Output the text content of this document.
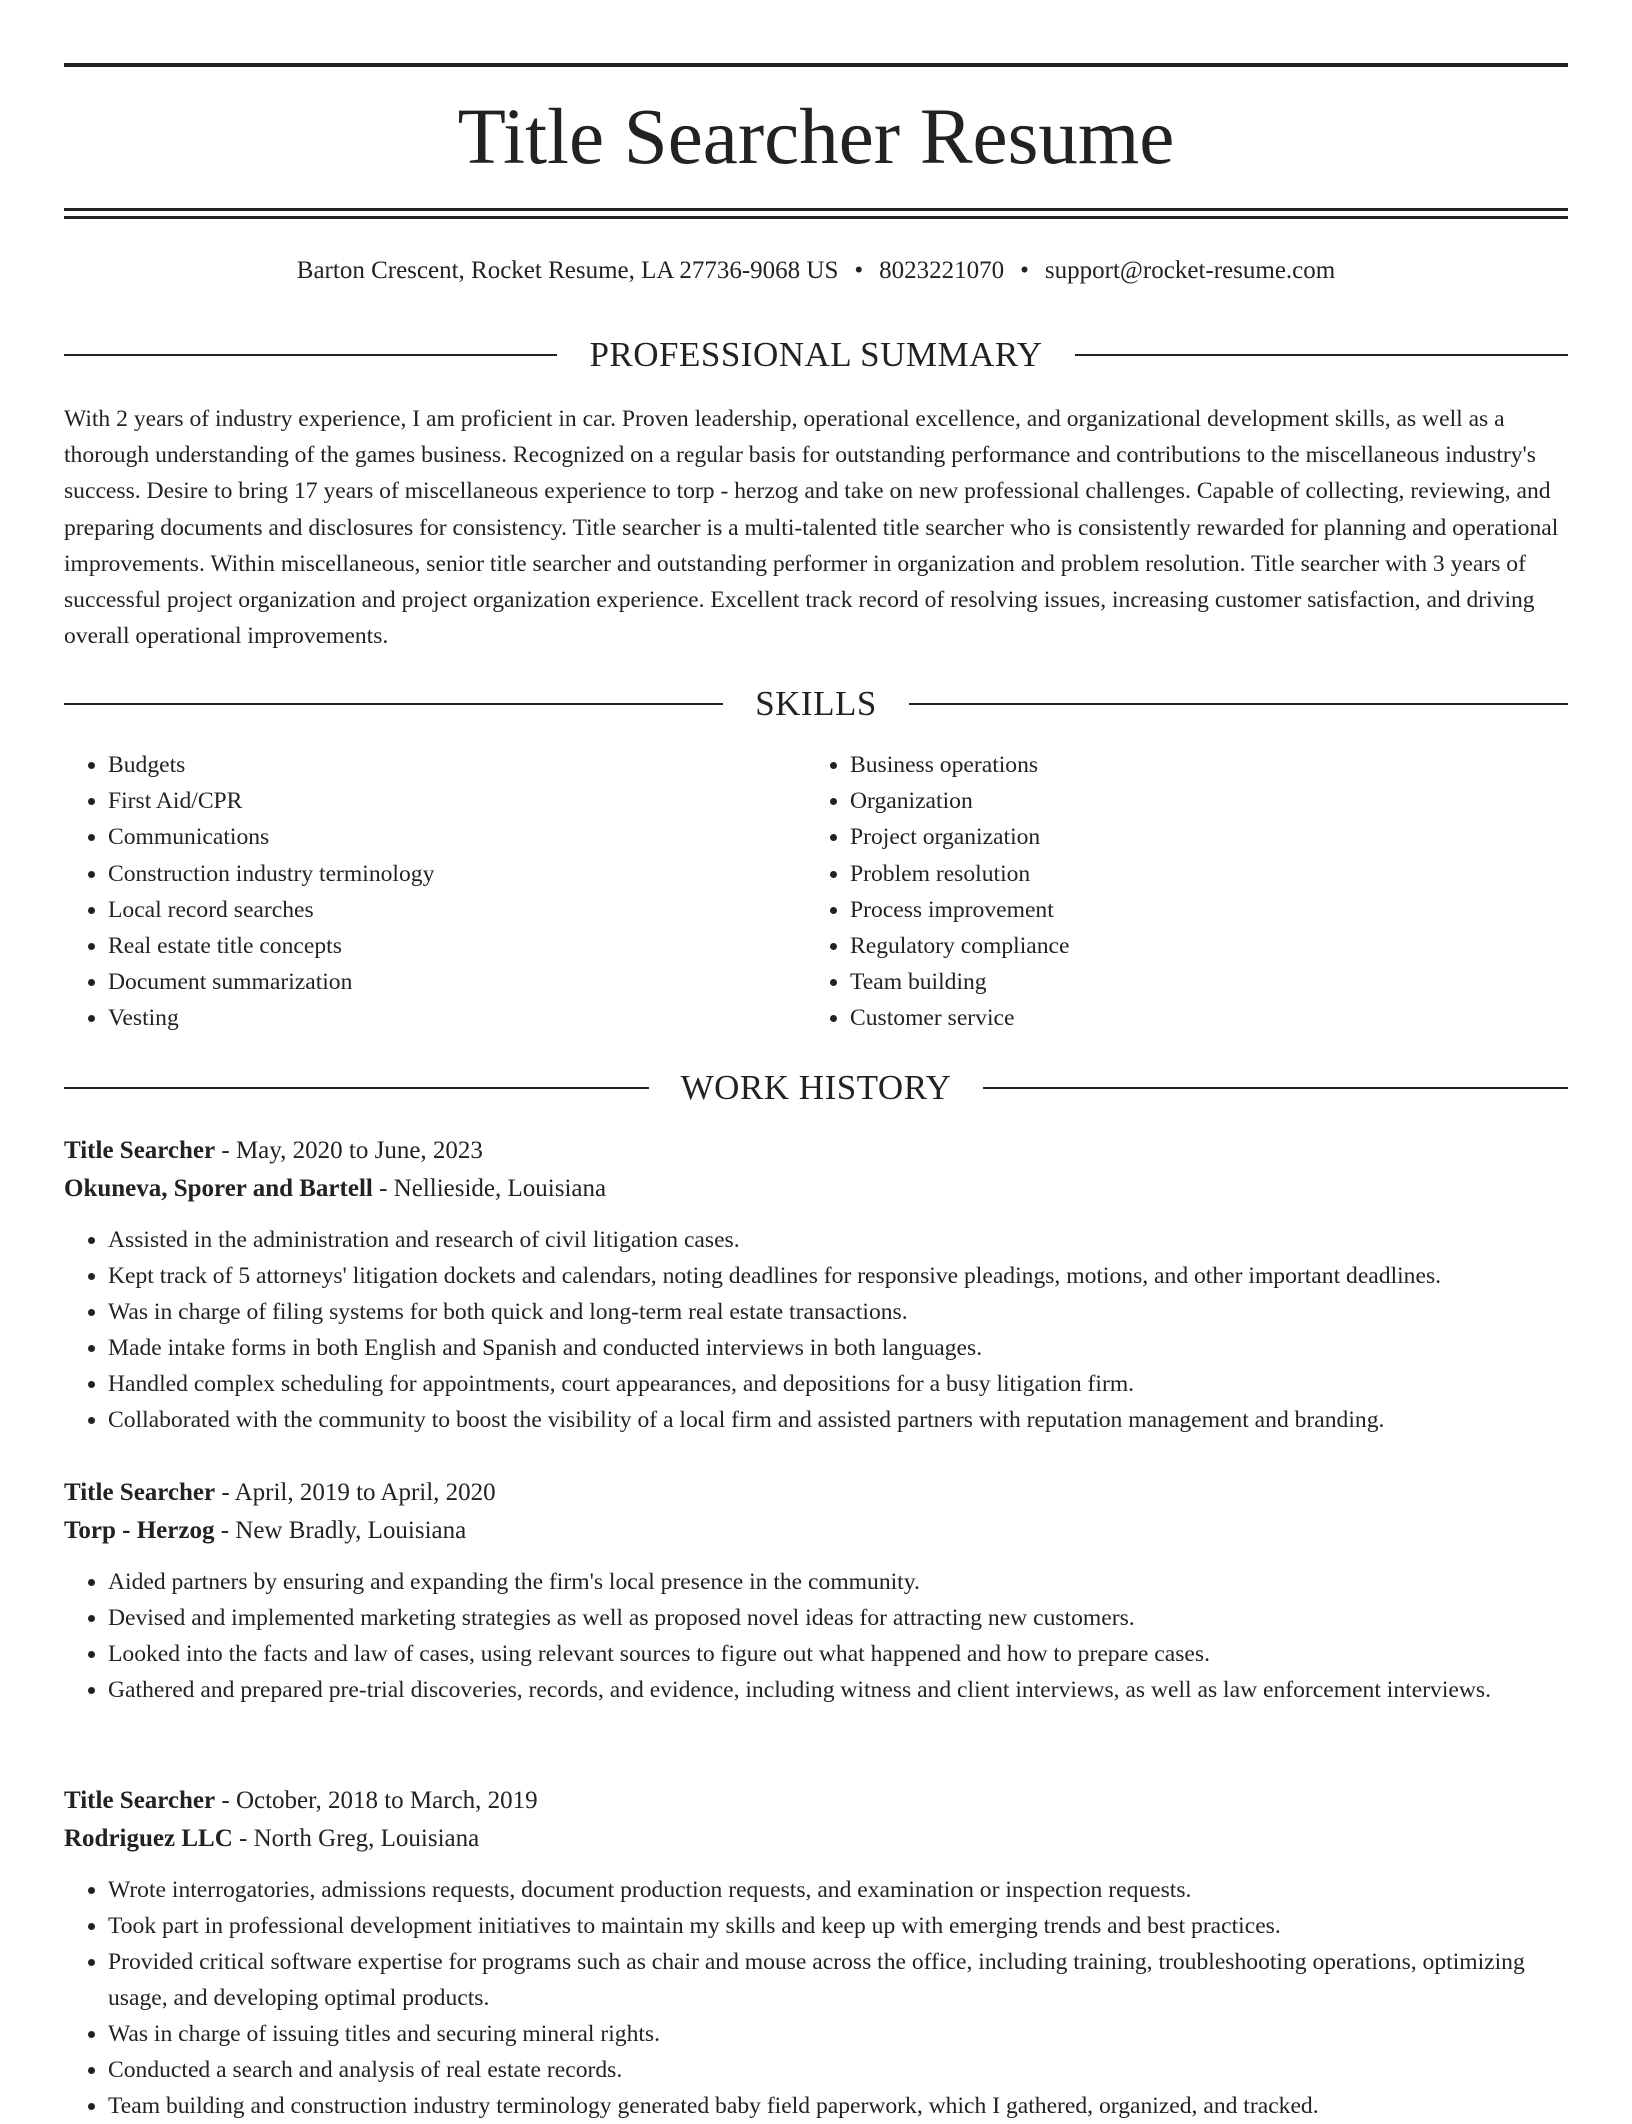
Title Searcher Resume
Barton Crescent, Rocket Resume, LA 27736-9068 US • 8023221070 • support@rocket-resume.com
PROFESSIONAL SUMMARY

With 2 years of industry experience, I am proficient in car. Proven leadership, operational excellence, and organizational development skills, as well as a thorough understanding of the games business. Recognized on a regular basis for outstanding performance and contributions to the miscellaneous industry's success. Desire to bring 17 years of miscellaneous experience to torp - herzog and take on new professional challenges. Capable of collecting, reviewing, and preparing documents and disclosures for consistency. Title searcher is a multi-talented title searcher who is consistently rewarded for planning and operational improvements. Within miscellaneous, senior title searcher and outstanding performer in organization and problem resolution. Title searcher with 3 years of successful project organization and project organization experience. Excellent track record of resolving issues, increasing customer satisfaction, and driving overall operational improvements.

SKILLS
• Budgets
• First Aid/CPR
• Communications
• Construction industry terminology
• Local record searches
• Real estate title concepts
• Document summarization
• Vesting
• Business operations
• Organization
• Project organization
• Problem resolution
• Process improvement
• Regulatory compliance
• Team building
• Customer service
WORK HISTORY
Title Searcher - May, 2020 to June, 2023
Okuneva, Sporer and Bartell - Nellieside, Louisiana
• Assisted in the administration and research of civil litigation cases.
• Kept track of 5 attorneys' litigation dockets and calendars, noting deadlines for responsive pleadings, motions, and other important deadlines.
• Was in charge of filing systems for both quick and long-term real estate transactions.
• Made intake forms in both English and Spanish and conducted interviews in both languages.
• Handled complex scheduling for appointments, court appearances, and depositions for a busy litigation firm.
• Collaborated with the community to boost the visibility of a local firm and assisted partners with reputation management and branding.
Title Searcher - April, 2019 to April, 2020
Torp - Herzog - New Bradly, Louisiana
• Aided partners by ensuring and expanding the firm's local presence in the community.
• Devised and implemented marketing strategies as well as proposed novel ideas for attracting new customers.
• Looked into the facts and law of cases, using relevant sources to figure out what happened and how to prepare cases.
• Gathered and prepared pre-trial discoveries, records, and evidence, including witness and client interviews, as well as law enforcement interviews.
Title Searcher - October, 2018 to March, 2019
Rodriguez LLC - North Greg, Louisiana
• Wrote interrogatories, admissions requests, document production requests, and examination or inspection requests.
• Took part in professional development initiatives to maintain my skills and keep up with emerging trends and best practices.
• Provided critical software expertise for programs such as chair and mouse across the office, including training, troubleshooting operations, optimizing usage, and developing optimal products.
• Was in charge of issuing titles and securing mineral rights.
• Conducted a search and analysis of real estate records.
• Team building and construction industry terminology generated baby field paperwork, which I gathered, organized, and tracked.
